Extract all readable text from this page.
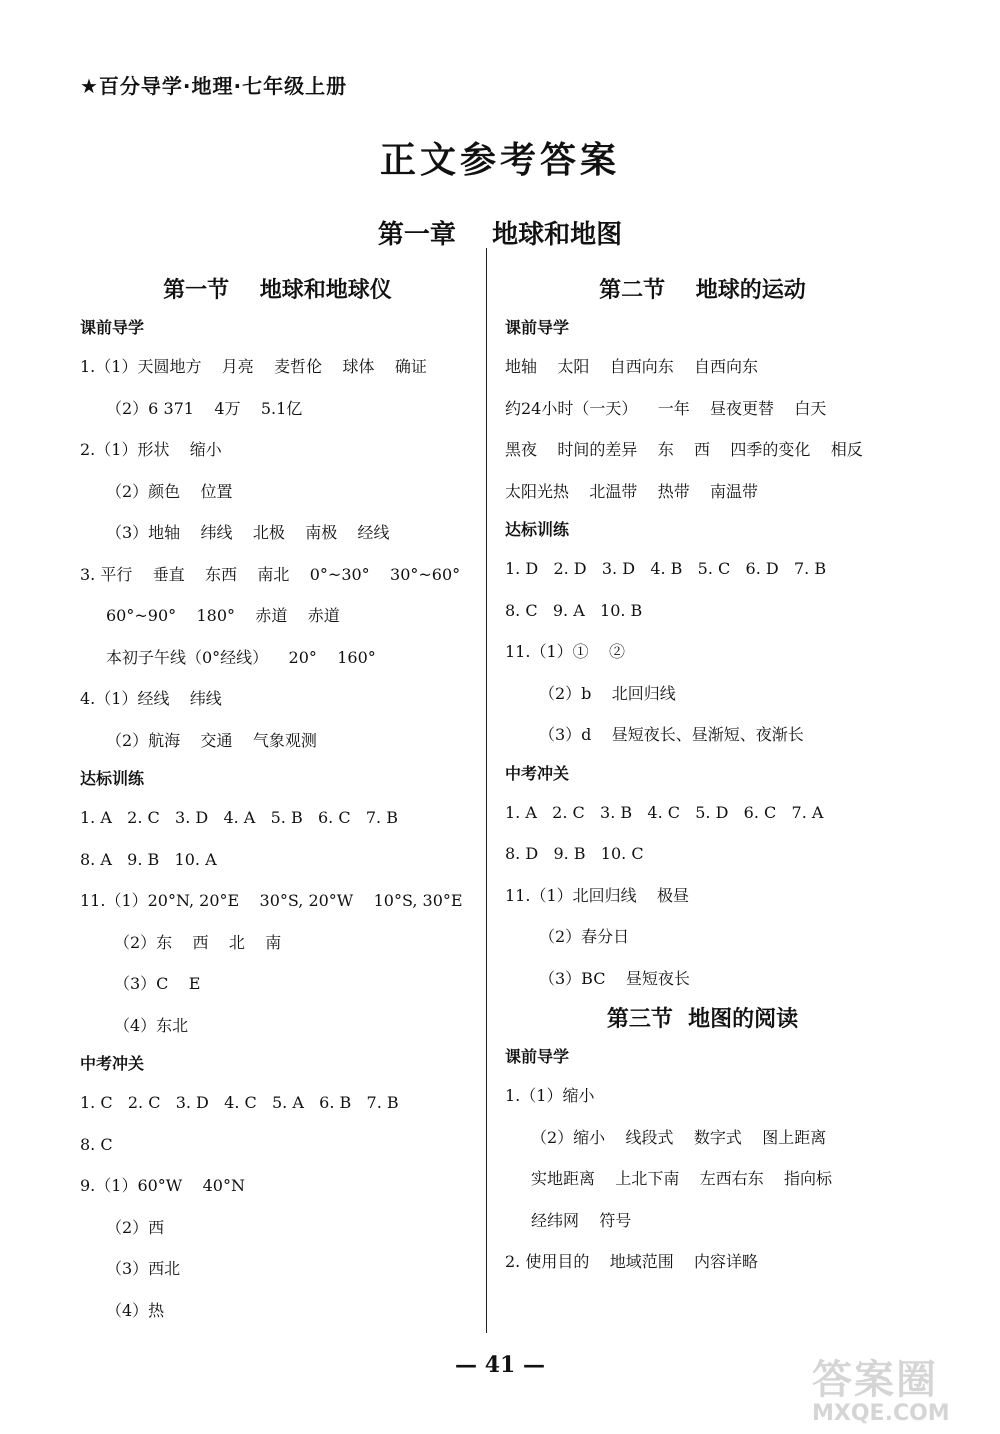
★百分导学·地理·七年级上册
正文参考答案
第一章    地球和地图
第一节    地球和地球仪
课前导学
1.（1）天圆地方    月亮    麦哲伦    球体    确证
（2）6 371    4万    5.1亿
2.（1）形状    缩小
（2）颜色    位置
（3）地轴    纬线    北极    南极    经线
3. 平行    垂直    东西    南北    0°~30°    30°~60°
60°~90°    180°    赤道    赤道
本初子午线（0°经线）    20°    160°
4.（1）经线    纬线
（2）航海    交通    气象观测
达标训练
1. A   2. C   3. D   4. A   5. B   6. C   7. B
8. A   9. B   10. A
11.（1）20°N, 20°E    30°S, 20°W    10°S, 30°E
（2）东    西    北    南
（3）C    E
（4）东北
中考冲关
1. C   2. C   3. D   4. C   5. A   6. B   7. B
8. C
9.（1）60°W    40°N
（2）西
（3）西北
（4）热
第二节    地球的运动
课前导学
地轴    太阳    自西向东    自西向东
约24小时（一天）    一年    昼夜更替    白天
黑夜    时间的差异    东    西    四季的变化    相反
太阳光热    北温带    热带    南温带
达标训练
1. D   2. D   3. D   4. B   5. C   6. D   7. B
8. C   9. A   10. B
11.（1）①    ②
（2）b    北回归线
（3）d    昼短夜长、昼渐短、夜渐长
中考冲关
1. A   2. C   3. B   4. C   5. D   6. C   7. A
8. D   9. B   10. C
11.（1）北回归线    极昼
（2）春分日
（3）BC    昼短夜长
第三节  地图的阅读
课前导学
1.（1）缩小
（2）缩小    线段式    数字式    图上距离
实地距离    上北下南    左西右东    指向标
经纬网    符号
2. 使用目的    地域范围    内容详略
— 41 —	答案圈
MXQE.COM
